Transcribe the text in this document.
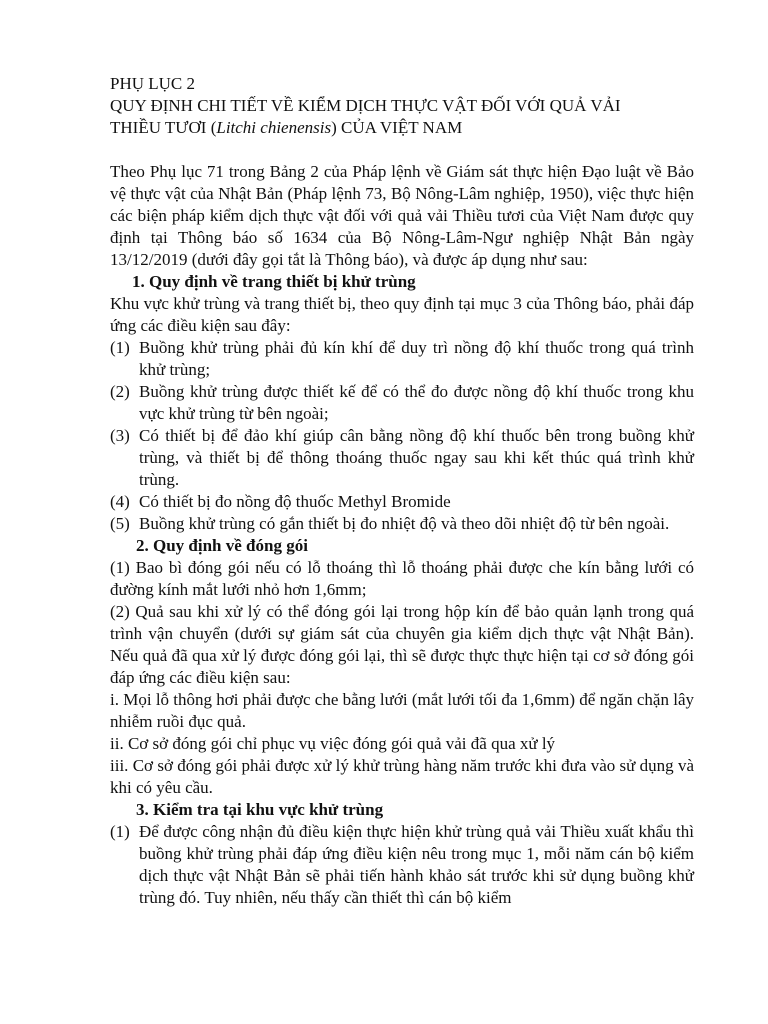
PHỤ LỤC 2

QUY ĐỊNH CHI TIẾT VỀ KIỂM DỊCH THỰC VẬT ĐỐI VỚI QUẢ VẢI
THIỀU TƯƠI (Litchi chienensis) CỦA VIỆT NAM

Theo Phụ lục 71 trong Bảng 2 của Pháp lệnh về Giám sát thực hiện Đạo luật về Bảo vệ thực vật của Nhật Bản (Pháp lệnh 73, Bộ Nông-Lâm nghiệp, 1950), việc thực hiện các biện pháp kiểm dịch thực vật đối với quả vải Thiều tươi của Việt Nam được quy định tại Thông báo số 1634 của Bộ Nông-Lâm-Ngư nghiệp Nhật Bản ngày 13/12/2019 (dưới đây gọi tắt là Thông báo), và được áp dụng như sau:

1. Quy định về trang thiết bị khử trùng

Khu vực khử trùng và trang thiết bị, theo quy định tại mục 3 của Thông báo, phải đáp ứng các điều kiện sau đây:

(1) Buồng khử trùng phải đủ kín khí để duy trì nồng độ khí thuốc trong quá trình khử trùng;
(2) Buồng khử trùng được thiết kế để có thể đo được nồng độ khí thuốc trong khu vực khử trùng từ bên ngoài;
(3) Có thiết bị để đảo khí giúp cân bằng nồng độ khí thuốc bên trong buồng khử trùng, và thiết bị để thông thoáng thuốc ngay sau khi kết thúc quá trình khử trùng.
(4) Có thiết bị đo nồng độ thuốc Methyl Bromide
(5) Buồng khử trùng có gắn thiết bị đo nhiệt độ và theo dõi nhiệt độ từ bên ngoài.

2. Quy định về đóng gói

(1) Bao bì đóng gói nếu có lỗ thoáng thì lỗ thoáng phải được che kín bằng lưới có đường kính mắt lưới nhỏ hơn 1,6mm;

(2) Quả sau khi xử lý có thể đóng gói lại trong hộp kín để bảo quản lạnh trong quá trình vận chuyển (dưới sự giám sát của chuyên gia kiểm dịch thực vật Nhật Bản). Nếu quả đã qua xử lý được đóng gói lại, thì sẽ được thực thực hiện tại cơ sở đóng gói đáp ứng các điều kiện sau:

i. Mọi lỗ thông hơi phải được che bằng lưới (mắt lưới tối đa 1,6mm) để ngăn chặn lây nhiễm ruồi đục quả.

ii. Cơ sở đóng gói chỉ phục vụ việc đóng gói quả vải đã qua xử lý

iii. Cơ sở đóng gói phải được xử lý khử trùng hàng năm trước khi đưa vào sử dụng và khi có yêu cầu.

3. Kiểm tra tại khu vực khử trùng

(1) Để được công nhận đủ điều kiện thực hiện khử trùng quả vải Thiều xuất khẩu thì buồng khử trùng phải đáp ứng điều kiện nêu trong mục 1, mỗi năm cán bộ kiểm dịch thực vật Nhật Bản sẽ phải tiến hành khảo sát trước khi sử dụng buồng khử trùng đó. Tuy nhiên, nếu thấy cần thiết thì cán bộ kiểm
